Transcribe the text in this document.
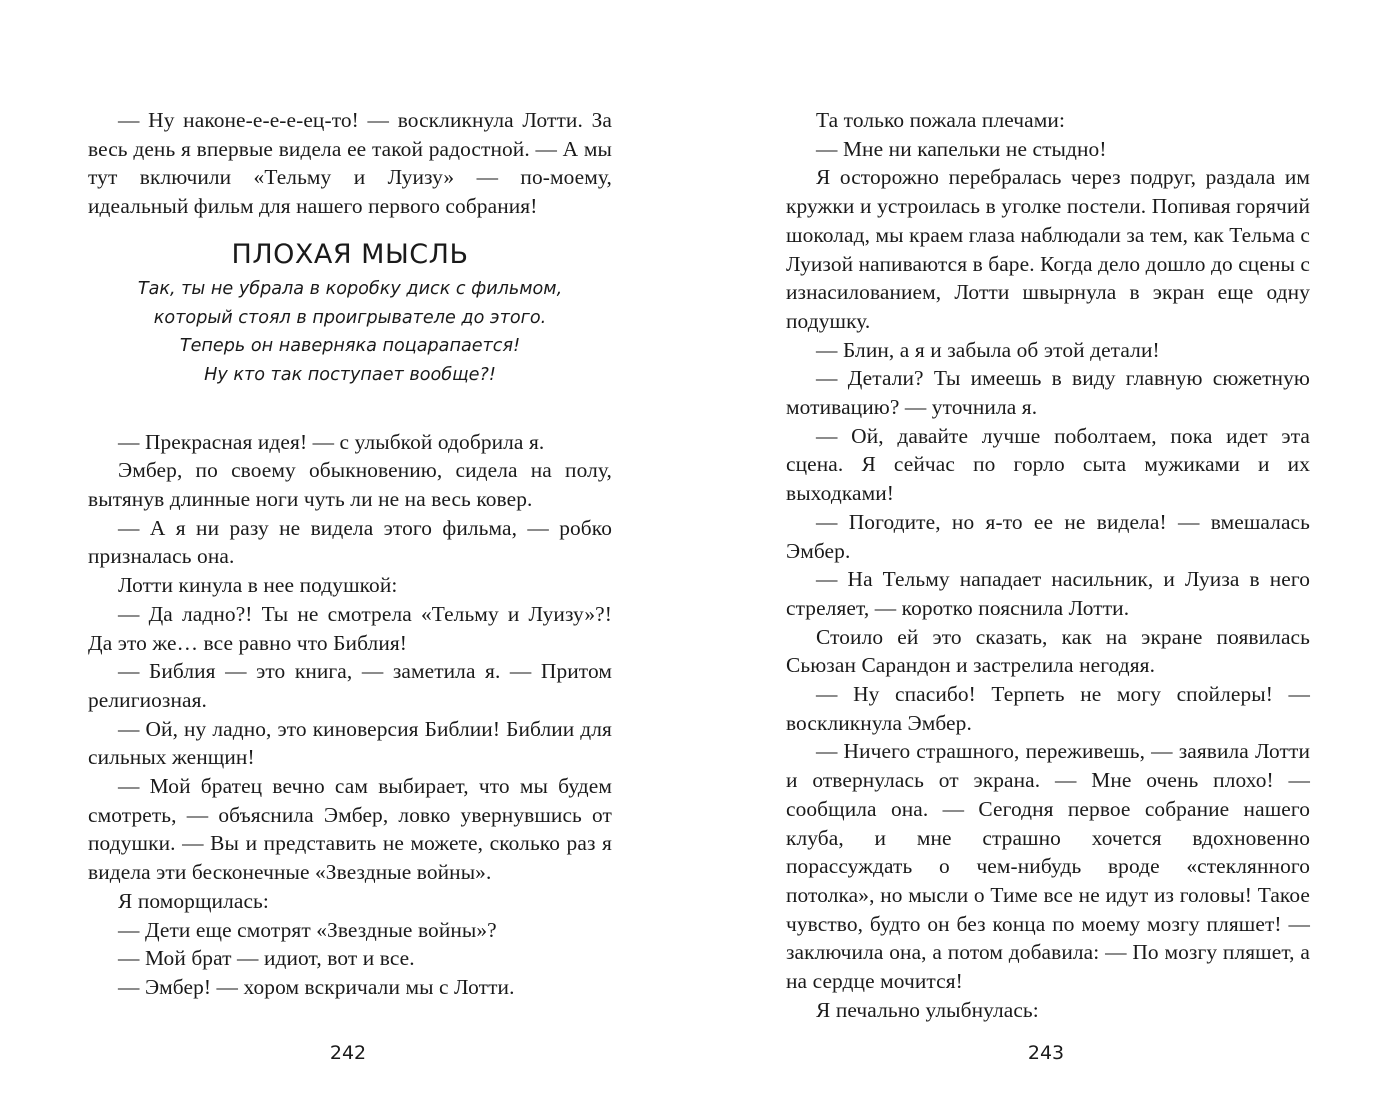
— Ну наконе-е-е-е-ец-то! — воскликнула Лотти. За весь день я впервые видела ее такой радостной. — А мы тут включили «Тельму и Луизу» — по-моему, идеальный фильм для нашего первого собрания!

ПЛОХАЯ МЫСЛЬ
Так, ты не убрала в коробку диск с фильмом,
который стоял в проигрывателе до этого.
Теперь он наверняка поцарапается!
Ну кто так поступает вообще?!

— Прекрасная идея! — с улыбкой одобрила я.

Эмбер, по своему обыкновению, сидела на полу, вытянув длинные ноги чуть ли не на весь ковер.

— А я ни разу не видела этого фильма, — робко призналась она.

Лотти кинула в нее подушкой:

— Да ладно?! Ты не смотрела «Тельму и Луизу»?! Да это же… все равно что Библия!

— Библия — это книга, — заметила я. — Притом религиозная.

— Ой, ну ладно, это киноверсия Библии! Библии для сильных женщин!

— Мой братец вечно сам выбирает, что мы будем смотреть, — объяснила Эмбер, ловко увернувшись от подушки. — Вы и представить не можете, сколько раз я видела эти бесконечные «Звездные войны».

Я поморщилась:

— Дети еще смотрят «Звездные войны»?

— Мой брат — идиот, вот и все.

— Эмбер! — хором вскричали мы с Лотти.

Та только пожала плечами:

— Мне ни капельки не стыдно!

Я осторожно перебралась через подруг, раздала им кружки и устроилась в уголке постели. Попивая горячий шоколад, мы краем глаза наблюдали за тем, как Тельма с Луизой напиваются в баре. Когда дело дошло до сцены с изнасилованием, Лотти швырнула в экран еще одну подушку.

— Блин, а я и забыла об этой детали!

— Детали? Ты имеешь в виду главную сюжетную мотивацию? — уточнила я.

— Ой, давайте лучше поболтаем, пока идет эта сцена. Я сейчас по горло сыта мужиками и их выходками!

— Погодите, но я-то ее не видела! — вмешалась Эмбер.

— На Тельму нападает насильник, и Луиза в него стреляет, — коротко пояснила Лотти.

Стоило ей это сказать, как на экране появилась Сьюзан Сарандон и застрелила негодяя.

— Ну спасибо! Терпеть не могу спойлеры! — воскликнула Эмбер.

— Ничего страшного, переживешь, — заявила Лотти и отвернулась от экрана. — Мне очень плохо! — сообщила она. — Сегодня первое собрание нашего клуба, и мне страшно хочется вдохновенно порассуждать о чем-нибудь вроде «стеклянного потолка», но мысли о Тиме все не идут из головы! Такое чувство, будто он без конца по моему мозгу пляшет! — заключила она, а потом добавила: — По мозгу пляшет, а на сердце мочится!

Я печально улыбнулась:

242	243
